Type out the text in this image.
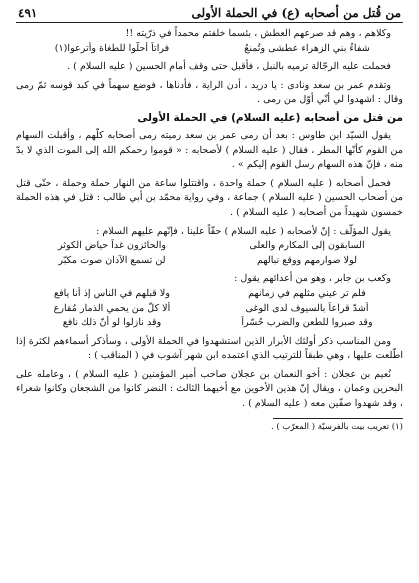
من قُتل من أصحابه (ع) في الحملة الأولى
٤٩١

وكلاهم ، وهم قد صرعهم العطش ، بئسما خلفتم محمداً في ذرّيته !!

شفاءُ بني الزهراء عطشى وتُمنعُ
فراتاً أحلّوا للطغاة وأترعوا(١)

فحملت عليه الرجّالة ترميه بالنبل ، فأقبل حتى وقف أمام الحسين ( عليه السلام ) .

وتقدم عمر بن سعد ونادى : يا دريد ، أدن الراية ، فأدناها ، فوضع سهماً في كبد قوسه ثمّ رمى وقال : اشهدوا لي أنّي أوّل من رمى .

من قتل من أصحابه (عليه السلام) في الحملة الأولى

يقول السيّد ابن طاوس : بعد أن رمى عمر بن سعد رميته رمى أصحابه كلّهم ، وأقبلت السهام من القوم كأنّها المطر ، فقال ( عليه السلام ) لأصحابه : « قوموا رحمكم الله إلى الموت الذي لا بدّ منه ، فإنّ هذه السهام رسل القوم إليكم » .

فحمل أصحابه ( عليه السلام ) حملة واحدة ، واقتتلوا ساعة من النهار حملة وحملة ، حتّى قتل من أصحاب الحسين ( عليه السلام ) جماعة ، وفي رواية محمّد بن أبي طالب : قتل في هذه الحملة خمسون شهيداً من أصحابه ( عليه السلام ) .

يقول المؤلّف : إنّ لأصحابه ( عليه السلام ) حقّاً علينا ، فإنّهم عليهم السلام :

السابقون إلى المكارم والعلى
والحائزون غداً حياض الكوثر
لولا صوارمهم ووقع نبالهم
لن تسمع الآذان صوت مكبّر

وكعب بن جابر ، وهو من أعدائهم يقول :

فلم تر عيني مثلهم في زمانهم
ولا قبلهم في الناس إذ أنا يافع
أشدّ قراعاً بالسيوف لدى الوغى
ألا كلّ من يحمي الذمار مُقارع
وقد صبروا للطعن والضرب حُسّراً
وقد نازلوا لو أنّ ذلك نافع

ومن المناسب ذكر أولئك الأبرار الذين استشهدوا في الحملة الأولى ، وسأذكر أسماءهم لكثرة إذا اطّلعت عليها ، وهي طبقاً للترتيب الذي اعتمده ابن شهر آشوب في ( المناقب ) :

نُعيم بن عجلان : أخو النعمان بن عجلان صاحب أمير المؤمنين ( عليه السلام ) ، وعامله على البحرين وعمان ، ويقال إنّ هذين الأخوين مع أخيهما الثالث : النضر كانوا من الشجعان وكانوا شعراء ، وقد شهدوا صفّين معه ( عليه السلام ) .

(١) تعريب بيت بالفرسيّة ( المعرّب ) .
